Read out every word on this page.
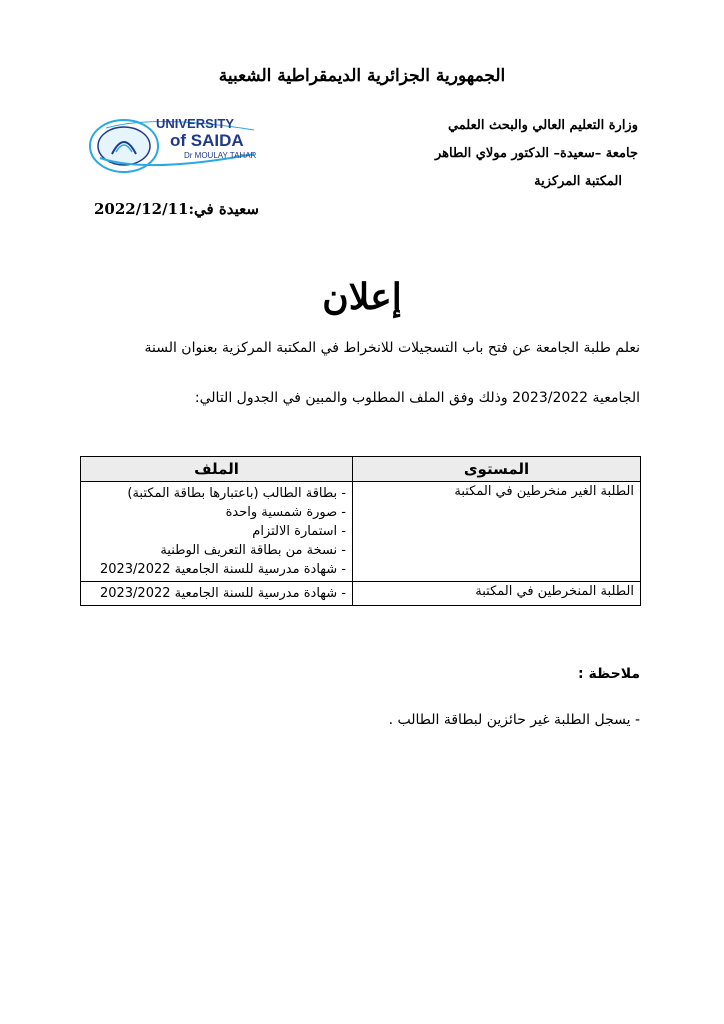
الجمهورية الجزائرية الديمقراطية الشعبية
وزارة التعليم العالي والبحث العلمي
جامعة –سعيدة– الدكتور مولاي الطاهر
المكتبة المركزية
UNIVERSITY
of SAIDA
Dr MOULAY TAHAR
سعيدة في:2022/12/11
إعلان
نعلم طلبة الجامعة عن فتح باب التسجيلات للانخراط في المكتبة المركزية بعنوان السنة
الجامعية 2023/2022 وذلك وفق الملف المطلوب والمبين في الجدول التالي:
المستوى	الملف
الطلبة الغير منخرطين في المكتبة	- بطاقة الطالب (باعتبارها بطاقة المكتبة)
- صورة شمسية واحدة
- استمارة الالتزام
- نسخة من بطاقة التعريف الوطنية
- شهادة مدرسية للسنة الجامعية 2023/2022

الطلبة المنخرطين في المكتبة	- شهادة مدرسية للسنة الجامعية 2023/2022
ملاحظة :
- يسجل الطلبة غير حائزين لبطاقة الطالب .
